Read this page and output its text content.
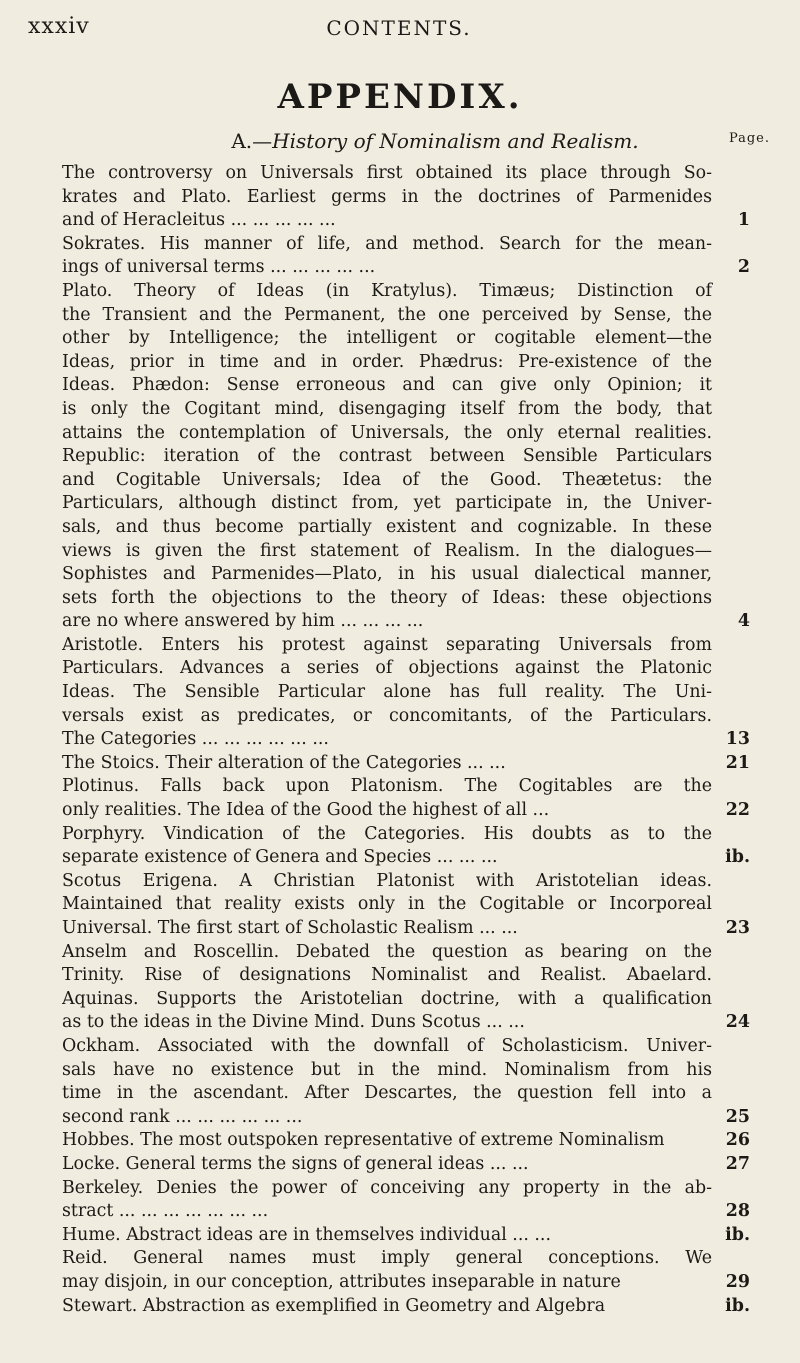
xxxiv	CONTENTS.
APPENDIX.
A.—History of Nominalism and Realism.	Page.
The controversy on Universals first obtained its place through So-
krates and Plato. Earliest germs in the doctrines of Parmenides
and of Heracleitus ... ... ... ... ...	1
Sokrates. His manner of life, and method. Search for the mean-
ings of universal terms ... ... ... ... ...	2
Plato. Theory of Ideas (in Kratylus). Timæus; Distinction of
the Transient and the Permanent, the one perceived by Sense, the
other by Intelligence; the intelligent or cogitable element—the
Ideas, prior in time and in order. Phædrus: Pre-existence of the
Ideas. Phædon: Sense erroneous and can give only Opinion; it
is only the Cogitant mind, disengaging itself from the body, that
attains the contemplation of Universals, the only eternal realities.
Republic: iteration of the contrast between Sensible Particulars
and Cogitable Universals; Idea of the Good. Theætetus: the
Particulars, although distinct from, yet participate in, the Univer-
sals, and thus become partially existent and cognizable. In these
views is given the first statement of Realism. In the dialogues—
Sophistes and Parmenides—Plato, in his usual dialectical manner,
sets forth the objections to the theory of Ideas: these objections
are no where answered by him ... ... ... ...	4
Aristotle. Enters his protest against separating Universals from
Particulars. Advances a series of objections against the Platonic
Ideas. The Sensible Particular alone has full reality. The Uni-
versals exist as predicates, or concomitants, of the Particulars.
The Categories ... ... ... ... ... ...	13
The Stoics. Their alteration of the Categories ... ...	21
Plotinus. Falls back upon Platonism. The Cogitables are the
only realities. The Idea of the Good the highest of all ...	22
Porphyry. Vindication of the Categories. His doubts as to the
separate existence of Genera and Species ... ... ...	ib.
Scotus Erigena. A Christian Platonist with Aristotelian ideas.
Maintained that reality exists only in the Cogitable or Incorporeal
Universal. The first start of Scholastic Realism ... ...	23
Anselm and Roscellin. Debated the question as bearing on the
Trinity. Rise of designations Nominalist and Realist. Abaelard.
Aquinas. Supports the Aristotelian doctrine, with a qualification
as to the ideas in the Divine Mind. Duns Scotus ... ...	24
Ockham. Associated with the downfall of Scholasticism. Univer-
sals have no existence but in the mind. Nominalism from his
time in the ascendant. After Descartes, the question fell into a
second rank ... ... ... ... ... ...	25
Hobbes. The most outspoken representative of extreme Nominalism	26
Locke. General terms the signs of general ideas ... ...	27
Berkeley. Denies the power of conceiving any property in the ab-
stract ... ... ... ... ... ... ...	28
Hume. Abstract ideas are in themselves individual ... ...	ib.
Reid. General names must imply general conceptions. We
may disjoin, in our conception, attributes inseparable in nature	29
Stewart. Abstraction as exemplified in Geometry and Algebra	ib.
